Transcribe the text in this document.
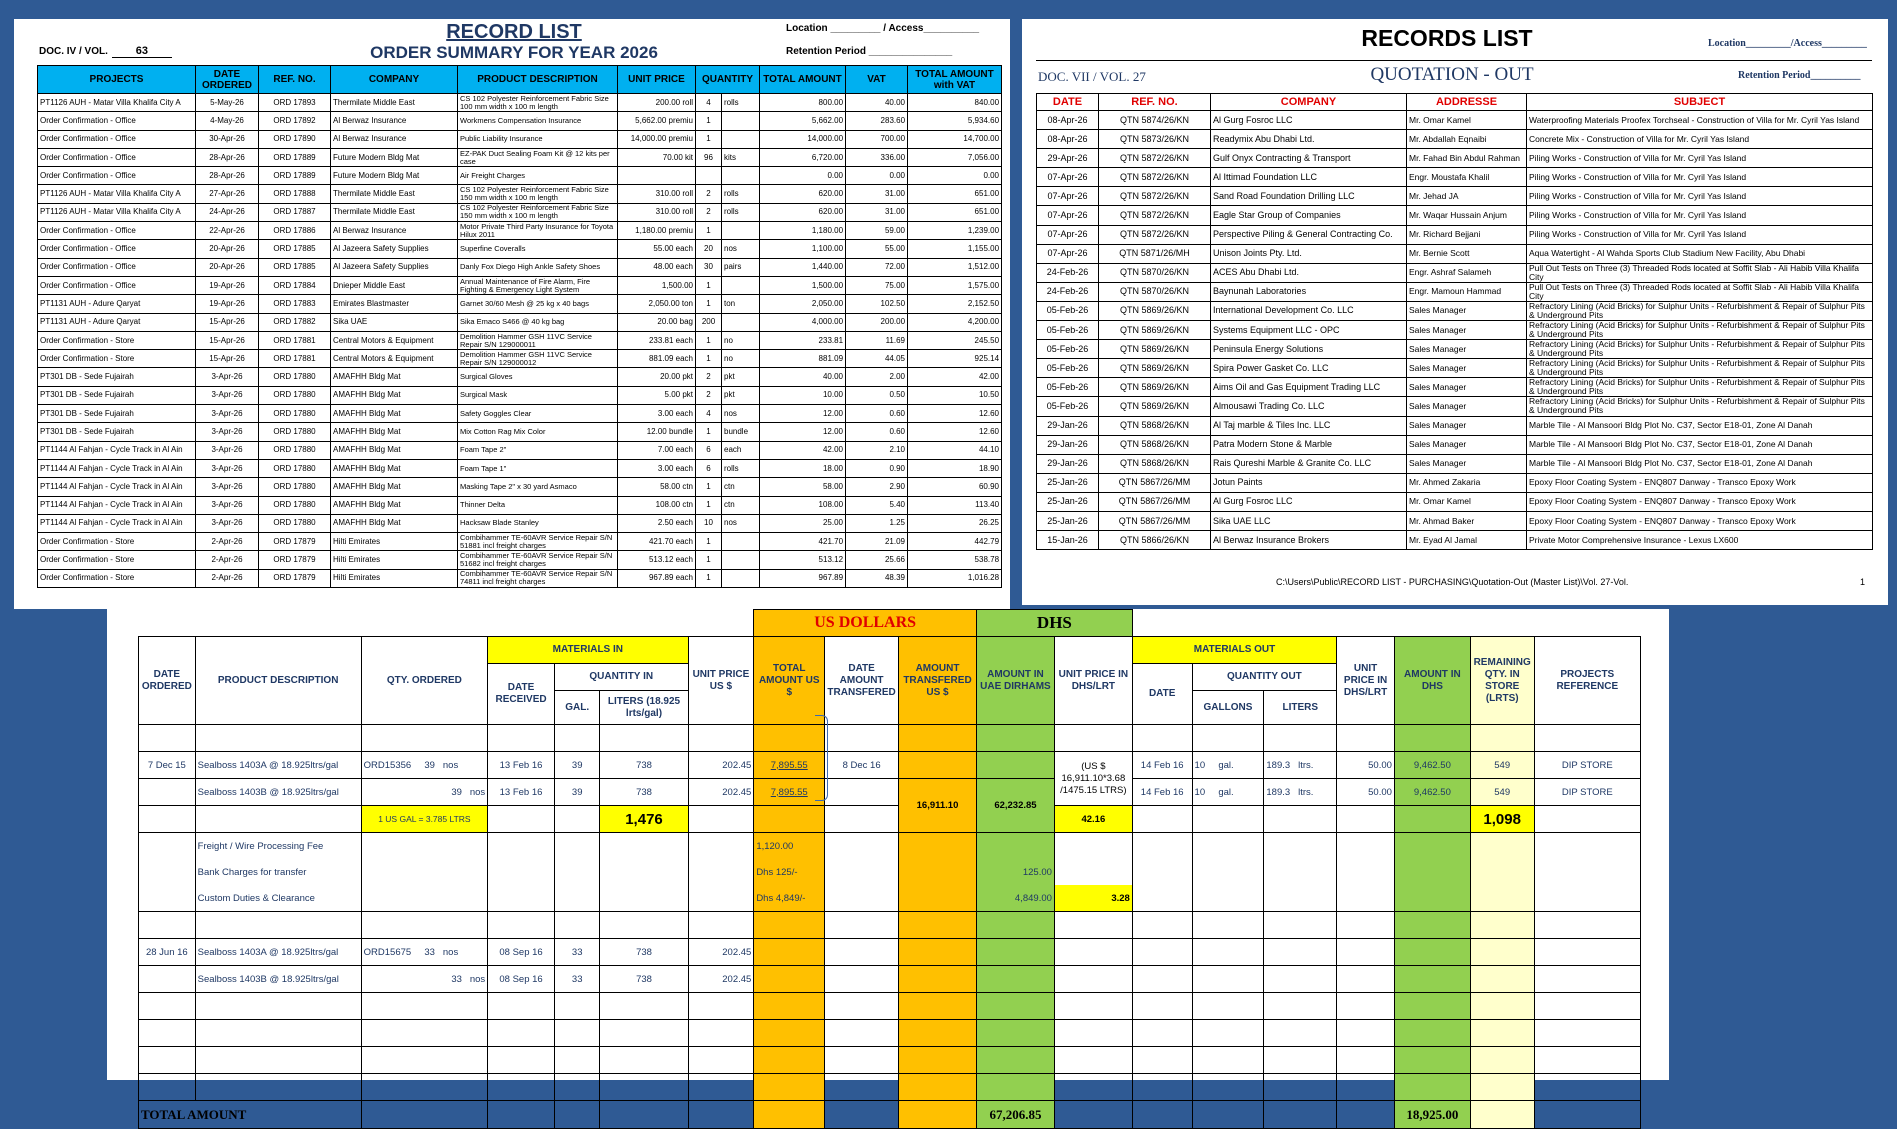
DOC. IV / VOL.	63
RECORD LIST
ORDER SUMMARY FOR YEAR 2026
Location _________ / Access__________
Retention Period _______________
PROJECTS	DATE ORDERED	REF. NO.	COMPANY	PRODUCT DESCRIPTION	UNIT PRICE	QUANTITY		TOTAL AMOUNT	VAT	TOTAL AMOUNT with VAT
PT1126 AUH - Matar Villa Khalifa City A	5-May-26	ORD 17893	Thermilate Middle East	CS 102 Polyester Reinforcement Fabric Size 100 mm width x 100 m length	200.00 roll	4	rolls	800.00	40.00	840.00
Order Confirmation - Office	4-May-26	ORD 17892	Al Berwaz Insurance	Workmens Compensation Insurance	5,662.00 premiu	1		5,662.00	283.60	5,934.60
Order Confirmation - Office	30-Apr-26	ORD 17890	Al Berwaz Insurance	Public Liability Insurance	14,000.00 premiu	1		14,000.00	700.00	14,700.00
Order Confirmation - Office	28-Apr-26	ORD 17889	Future Modern Bldg Mat	EZ-PAK Duct Sealing Foam Kit @ 12 kits per case	70.00 kit	96	kits	6,720.00	336.00	7,056.00
Order Confirmation - Office	28-Apr-26	ORD 17889	Future Modern Bldg Mat	Air Freight Charges				0.00	0.00	0.00
PT1126 AUH - Matar Villa Khalifa City A	27-Apr-26	ORD 17888	Thermilate Middle East	CS 102 Polyester Reinforcement Fabric Size 150 mm width x 100 m length	310.00 roll	2	rolls	620.00	31.00	651.00
PT1126 AUH - Matar Villa Khalifa City A	24-Apr-26	ORD 17887	Thermilate Middle East	CS 102 Polyester Reinforcement Fabric Size 150 mm width x 100 m length	310.00 roll	2	rolls	620.00	31.00	651.00
Order Confirmation - Office	22-Apr-26	ORD 17886	Al Berwaz Insurance	Motor Private Third Party Insurance for Toyota Hilux 2011	1,180.00 premiu	1		1,180.00	59.00	1,239.00
Order Confirmation - Office	20-Apr-26	ORD 17885	Al Jazeera Safety Supplies	Superfine Coveralls	55.00 each	20	nos	1,100.00	55.00	1,155.00
Order Confirmation - Office	20-Apr-26	ORD 17885	Al Jazeera Safety Supplies	Danly Fox Diego High Ankle Safety Shoes	48.00 each	30	pairs	1,440.00	72.00	1,512.00
Order Confirmation - Office	19-Apr-26	ORD 17884	Dnieper Middle East	Annual Maintenance of Fire Alarm, Fire Fighting & Emergency Light System	1,500.00	1		1,500.00	75.00	1,575.00
PT1131 AUH - Adure Qaryat	19-Apr-26	ORD 17883	Emirates Blastmaster	Garnet 30/60 Mesh @ 25 kg x 40 bags	2,050.00 ton	1	ton	2,050.00	102.50	2,152.50
PT1131 AUH - Adure Qaryat	15-Apr-26	ORD 17882	Sika UAE	Sika Emaco S466 @ 40 kg bag	20.00 bag	200		4,000.00	200.00	4,200.00
Order Confirmation - Store	15-Apr-26	ORD 17881	Central Motors & Equipment	Demolition Hammer GSH 11VC Service Repair S/N 129000011	233.81 each	1	no	233.81	11.69	245.50
Order Confirmation - Store	15-Apr-26	ORD 17881	Central Motors & Equipment	Demolition Hammer GSH 11VC Service Repair S/N 129000012	881.09 each	1	no	881.09	44.05	925.14
PT301 DB - Sede Fujairah	3-Apr-26	ORD 17880	AMAFHH Bldg Mat	Surgical Gloves	20.00 pkt	2	pkt	40.00	2.00	42.00
PT301 DB - Sede Fujairah	3-Apr-26	ORD 17880	AMAFHH Bldg Mat	Surgical Mask	5.00 pkt	2	pkt	10.00	0.50	10.50
PT301 DB - Sede Fujairah	3-Apr-26	ORD 17880	AMAFHH Bldg Mat	Safety Goggles Clear	3.00 each	4	nos	12.00	0.60	12.60
PT301 DB - Sede Fujairah	3-Apr-26	ORD 17880	AMAFHH Bldg Mat	Mix Cotton Rag Mix Color	12.00 bundle	1	bundle	12.00	0.60	12.60
PT1144 Al Fahjan - Cycle Track in Al Ain	3-Apr-26	ORD 17880	AMAFHH Bldg Mat	Foam Tape 2"	7.00 each	6	each	42.00	2.10	44.10
PT1144 Al Fahjan - Cycle Track in Al Ain	3-Apr-26	ORD 17880	AMAFHH Bldg Mat	Foam Tape 1"	3.00 each	6	rolls	18.00	0.90	18.90
PT1144 Al Fahjan - Cycle Track in Al Ain	3-Apr-26	ORD 17880	AMAFHH Bldg Mat	Masking Tape 2" x 30 yard Asmaco	58.00 ctn	1	ctn	58.00	2.90	60.90
PT1144 Al Fahjan - Cycle Track in Al Ain	3-Apr-26	ORD 17880	AMAFHH Bldg Mat	Thinner Delta	108.00 ctn	1	ctn	108.00	5.40	113.40
PT1144 Al Fahjan - Cycle Track in Al Ain	3-Apr-26	ORD 17880	AMAFHH Bldg Mat	Hacksaw Blade Stanley	2.50 each	10	nos	25.00	1.25	26.25
Order Confirmation - Store	2-Apr-26	ORD 17879	Hilti Emirates	Combihammer TE-60AVR Service Repair S/N 51881 incl freight charges	421.70 each	1		421.70	21.09	442.79
Order Confirmation - Store	2-Apr-26	ORD 17879	Hilti Emirates	Combihammer TE-60AVR Service Repair S/N 51682 incl freight charges	513.12 each	1		513.12	25.66	538.78
Order Confirmation - Store	2-Apr-26	ORD 17879	Hilti Emirates	Combihammer TE-60AVR Service Repair S/N 74811 incl freight charges	967.89 each	1		967.89	48.39	1,016.28
RECORDS LIST	Location_________/Access_________
DOC. VII / VOL. 27	QUOTATION - OUT	Retention Period__________
DATE	REF. NO.	COMPANY	ADDRESSE	SUBJECT
08-Apr-26	QTN 5874/26/KN	Al Gurg Fosroc LLC	Mr. Omar Kamel	Waterproofing Materials Proofex Torchseal - Construction of Villa for Mr. Cyril Yas Island
08-Apr-26	QTN 5873/26/KN	Readymix Abu Dhabi Ltd.	Mr. Abdallah Eqnaibi	Concrete Mix - Construction of Villa for Mr. Cyril Yas Island
29-Apr-26	QTN 5872/26/KN	Gulf Onyx Contracting & Transport	Mr. Fahad Bin Abdul Rahman	Piling Works - Construction of Villa for Mr. Cyril Yas Island
07-Apr-26	QTN 5872/26/KN	Al Ittimad Foundation LLC	Engr. Moustafa Khalil	Piling Works - Construction of Villa for Mr. Cyril Yas Island
07-Apr-26	QTN 5872/26/KN	Sand Road Foundation Drilling LLC	Mr. Jehad JA	Piling Works - Construction of Villa for Mr. Cyril Yas Island
07-Apr-26	QTN 5872/26/KN	Eagle Star Group of Companies	Mr. Waqar Hussain Anjum	Piling Works - Construction of Villa for Mr. Cyril Yas Island
07-Apr-26	QTN 5872/26/KN	Perspective Piling & General Contracting Co.	Mr. Richard Bejjani	Piling Works - Construction of Villa for Mr. Cyril Yas Island
07-Apr-26	QTN 5871/26/MH	Unison Joints Pty. Ltd.	Mr. Bernie Scott	Aqua Watertight - Al Wahda Sports Club Stadium New Facility, Abu Dhabi
24-Feb-26	QTN 5870/26/KN	ACES Abu Dhabi Ltd.	Engr. Ashraf Salameh	Pull Out Tests on Three (3) Threaded Rods located at Soffit Slab - Ali Habib Villa Khalifa City
24-Feb-26	QTN 5870/26/KN	Baynunah Laboratories	Engr. Mamoun Hammad	Pull Out Tests on Three (3) Threaded Rods located at Soffit Slab - Ali Habib Villa Khalifa City
05-Feb-26	QTN 5869/26/KN	International Development Co. LLC	Sales Manager	Refractory Lining (Acid Bricks) for Sulphur Units - Refurbishment & Repair of Sulphur Pits & Underground Pits
05-Feb-26	QTN 5869/26/KN	Systems Equipment LLC - OPC	Sales Manager	Refractory Lining (Acid Bricks) for Sulphur Units - Refurbishment & Repair of Sulphur Pits & Underground Pits
05-Feb-26	QTN 5869/26/KN	Peninsula Energy Solutions	Sales Manager	Refractory Lining (Acid Bricks) for Sulphur Units - Refurbishment & Repair of Sulphur Pits & Underground Pits
05-Feb-26	QTN 5869/26/KN	Spira Power Gasket Co. LLC	Sales Manager	Refractory Lining (Acid Bricks) for Sulphur Units - Refurbishment & Repair of Sulphur Pits & Underground Pits
05-Feb-26	QTN 5869/26/KN	Aims Oil and Gas Equipment Trading LLC	Sales Manager	Refractory Lining (Acid Bricks) for Sulphur Units - Refurbishment & Repair of Sulphur Pits & Underground Pits
05-Feb-26	QTN 5869/26/KN	Almousawi Trading Co. LLC	Sales Manager	Refractory Lining (Acid Bricks) for Sulphur Units - Refurbishment & Repair of Sulphur Pits & Underground Pits
29-Jan-26	QTN 5868/26/KN	Al Taj marble & Tiles Inc. LLC	Sales Manager	Marble Tile - Al Mansoori Bldg Plot No. C37, Sector E18-01, Zone Al Danah
29-Jan-26	QTN 5868/26/KN	Patra Modern Stone & Marble	Sales Manager	Marble Tile - Al Mansoori Bldg Plot No. C37, Sector E18-01, Zone Al Danah
29-Jan-26	QTN 5868/26/KN	Rais Qureshi Marble & Granite Co. LLC	Sales Manager	Marble Tile - Al Mansoori Bldg Plot No. C37, Sector E18-01, Zone Al Danah
25-Jan-26	QTN 5867/26/MM	Jotun Paints	Mr. Ahmed Zakaria	Epoxy Floor Coating System - ENQ807 Danway - Transco Epoxy Work
25-Jan-26	QTN 5867/26/MM	Al Gurg Fosroc LLC	Mr. Omar Kamel	Epoxy Floor Coating System - ENQ807 Danway - Transco Epoxy Work
25-Jan-26	QTN 5867/26/MM	Sika UAE LLC	Mr. Ahmad Baker	Epoxy Floor Coating System - ENQ807 Danway - Transco Epoxy Work
15-Jan-26	QTN 5866/26/KN	Al Berwaz Insurance Brokers	Mr. Eyad Al Jamal	Private Motor Comprehensive Insurance - Lexus LX600
C:\Users\Public\RECORD LIST - PURCHASING\Quotation-Out (Master List)\Vol. 27-Vol.	1
							US DOLLARS			DHS								
DATE ORDERED	PRODUCT DESCRIPTION	QTY. ORDERED	MATERIALS IN			UNIT PRICE US $	TOTAL AMOUNT US $	DATE AMOUNT TRANSFERED	AMOUNT TRANSFERED US $	AMOUNT IN UAE DIRHAMS	UNIT PRICE IN DHS/LRT	MATERIALS OUT			UNIT PRICE IN DHS/LRT	AMOUNT IN DHS	REMAINING QTY. IN STORE (LRTS)	PROJECTS REFERENCE
			DATE RECEIVED	QUANTITY IN								DATE	QUANTITY OUT					
				GAL.	LITERS (18.925 lrts/gal)								GALLONS	LITERS				

7 Dec 15	Sealboss 1403A @ 18.925ltrs/gal	ORD15356 39 nos	13 Feb 16	39	738	202.45	7,895.55	8 Dec 16			(US $ 16,911.10*3.68 /1475.15 LTRS)	14 Feb 16	10 gal.	189.3 ltrs.	50.00	9,462.50	549	DIP STORE
	Sealboss 1403B @ 18.925ltrs/gal	39 nos	13 Feb 16	39	738	202.45	7,895.55		16,911.10	62,232.85		14 Feb 16	10 gal.	189.3 ltrs.	50.00	9,462.50	549	DIP STORE
		1 US GAL = 3.785 LTRS			1,476						42.16						1,098	
	Freight / Wire Processing Fee						1,120.00											
	Bank Charges for transfer						Dhs 125/-			125.00								
	Custom Duties & Clearance						Dhs 4,849/-			4,849.00	3.28							

28 Jun 16	Sealboss 1403A @ 18.925ltrs/gal	ORD15675 33 nos	08 Sep 16	33	738	202.45												
	Sealboss 1403B @ 18.925ltrs/gal	33 nos	08 Sep 16	33	738	202.45												

TOTAL AMOUNT										67,206.85						18,925.00		
